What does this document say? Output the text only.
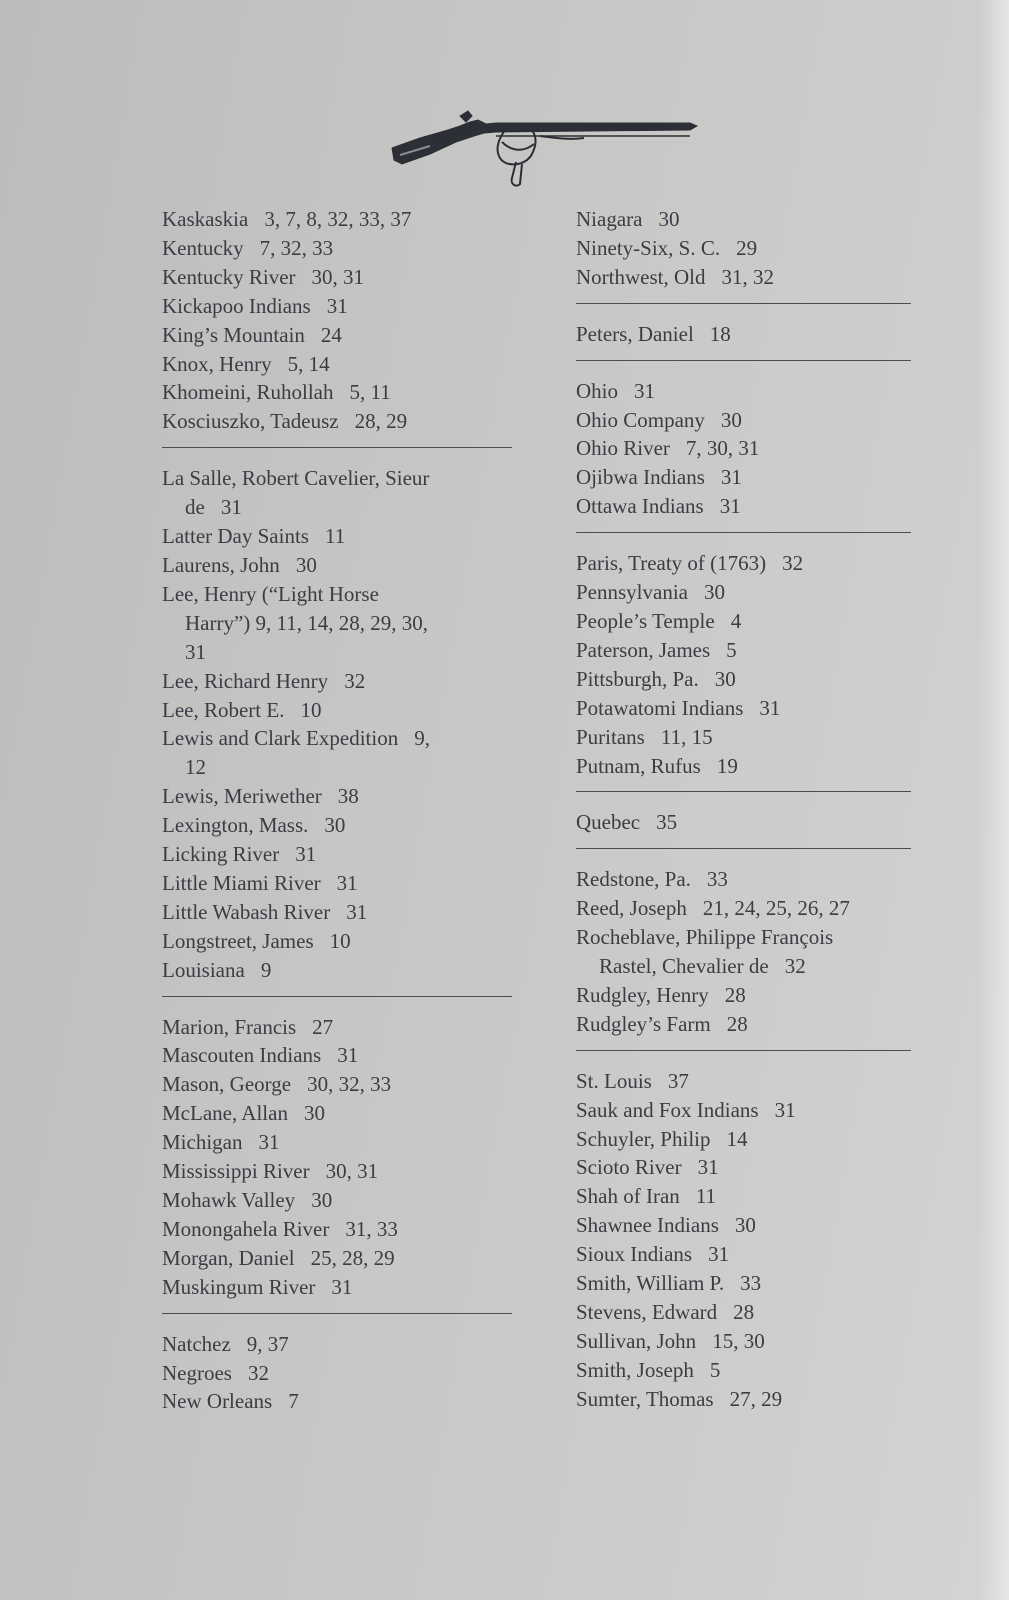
Kaskaskia 3, 7, 8, 32, 33, 37
Kentucky 7, 32, 33
Kentucky River 30, 31
Kickapoo Indians 31
King’s Mountain 24
Knox, Henry 5, 14
Khomeini, Ruhollah 5, 11
Kosciuszko, Tadeusz 28, 29
La Salle, Robert Cavelier, Sieur
de 31
Latter Day Saints 11
Laurens, John 30
Lee, Henry (“Light Horse
Harry”) 9, 11, 14, 28, 29, 30,
31
Lee, Richard Henry 32
Lee, Robert E. 10
Lewis and Clark Expedition 9,
12
Lewis, Meriwether 38
Lexington, Mass. 30
Licking River 31
Little Miami River 31
Little Wabash River 31
Longstreet, James 10
Louisiana 9
Marion, Francis 27
Mascouten Indians 31
Mason, George 30, 32, 33
McLane, Allan 30
Michigan 31
Mississippi River 30, 31
Mohawk Valley 30
Monongahela River 31, 33
Morgan, Daniel 25, 28, 29
Muskingum River 31
Natchez 9, 37
Negroes 32
New Orleans 7
Niagara 30
Ninety-Six, S. C. 29
Northwest, Old 31, 32
Peters, Daniel 18
Ohio 31
Ohio Company 30
Ohio River 7, 30, 31
Ojibwa Indians 31
Ottawa Indians 31
Paris, Treaty of (1763) 32
Pennsylvania 30
People’s Temple 4
Paterson, James 5
Pittsburgh, Pa. 30
Potawatomi Indians 31
Puritans 11, 15
Putnam, Rufus 19
Quebec 35
Redstone, Pa. 33
Reed, Joseph 21, 24, 25, 26, 27
Rocheblave, Philippe François
Rastel, Chevalier de 32
Rudgley, Henry 28
Rudgley’s Farm 28
St. Louis 37
Sauk and Fox Indians 31
Schuyler, Philip 14
Scioto River 31
Shah of Iran 11
Shawnee Indians 30
Sioux Indians 31
Smith, William P. 33
Stevens, Edward 28
Sullivan, John 15, 30
Smith, Joseph 5
Sumter, Thomas 27, 29
